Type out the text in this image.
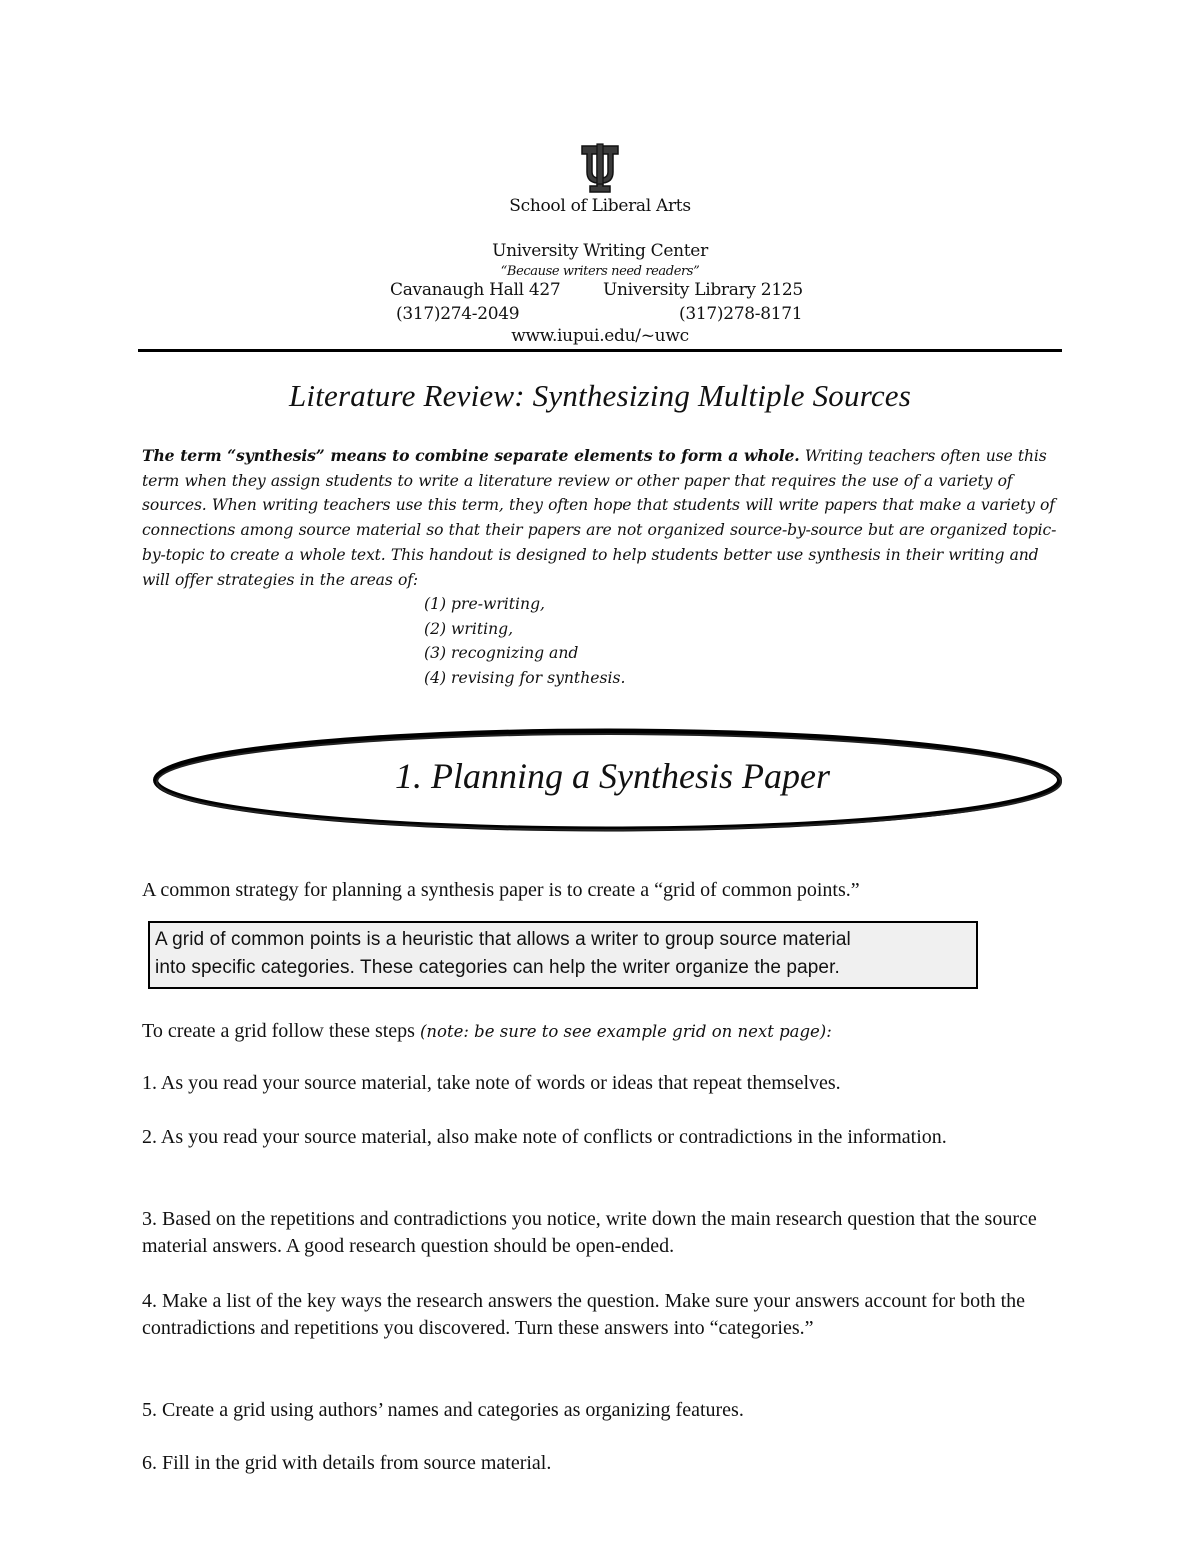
School of Liberal Arts
University Writing Center
“Because writers need readers”
Cavanaugh Hall 427	University Library 2125
(317)274-2049	(317)278-8171
www.iupui.edu/~uwc
Literature Review: Synthesizing Multiple Sources

The term “synthesis” means to combine separate elements to form a whole. Writing teachers often use this term when they assign students to write a literature review or other paper that requires the use of a variety of sources. When writing teachers use this term, they often hope that students will write papers that make a variety of connections among source material so that their papers are not organized source-by-source but are organized topic-by-topic to create a whole text. This handout is designed to help students better use synthesis in their writing and will offer strategies in the areas of:

(1) pre-writing,
(2) writing,
(3) recognizing and
(4) revising for synthesis.
1. Planning a Synthesis Paper

A common strategy for planning a synthesis paper is to create a “grid of common points.”

A grid of common points is a heuristic that allows a writer to group source material

into specific categories. These categories can help the writer organize the paper.

To create a grid follow these steps (note: be sure to see example grid on next page):

1. As you read your source material, take note of words or ideas that repeat themselves.

2. As you read your source material, also make note of conflicts or contradictions in the information.

3. Based on the repetitions and contradictions you notice, write down the main research question that the source material answers. A good research question should be open-ended.

4. Make a list of the key ways the research answers the question. Make sure your answers account for both the contradictions and repetitions you discovered. Turn these answers into “categories.”

5. Create a grid using authors’ names and categories as organizing features.

6. Fill in the grid with details from source material.
